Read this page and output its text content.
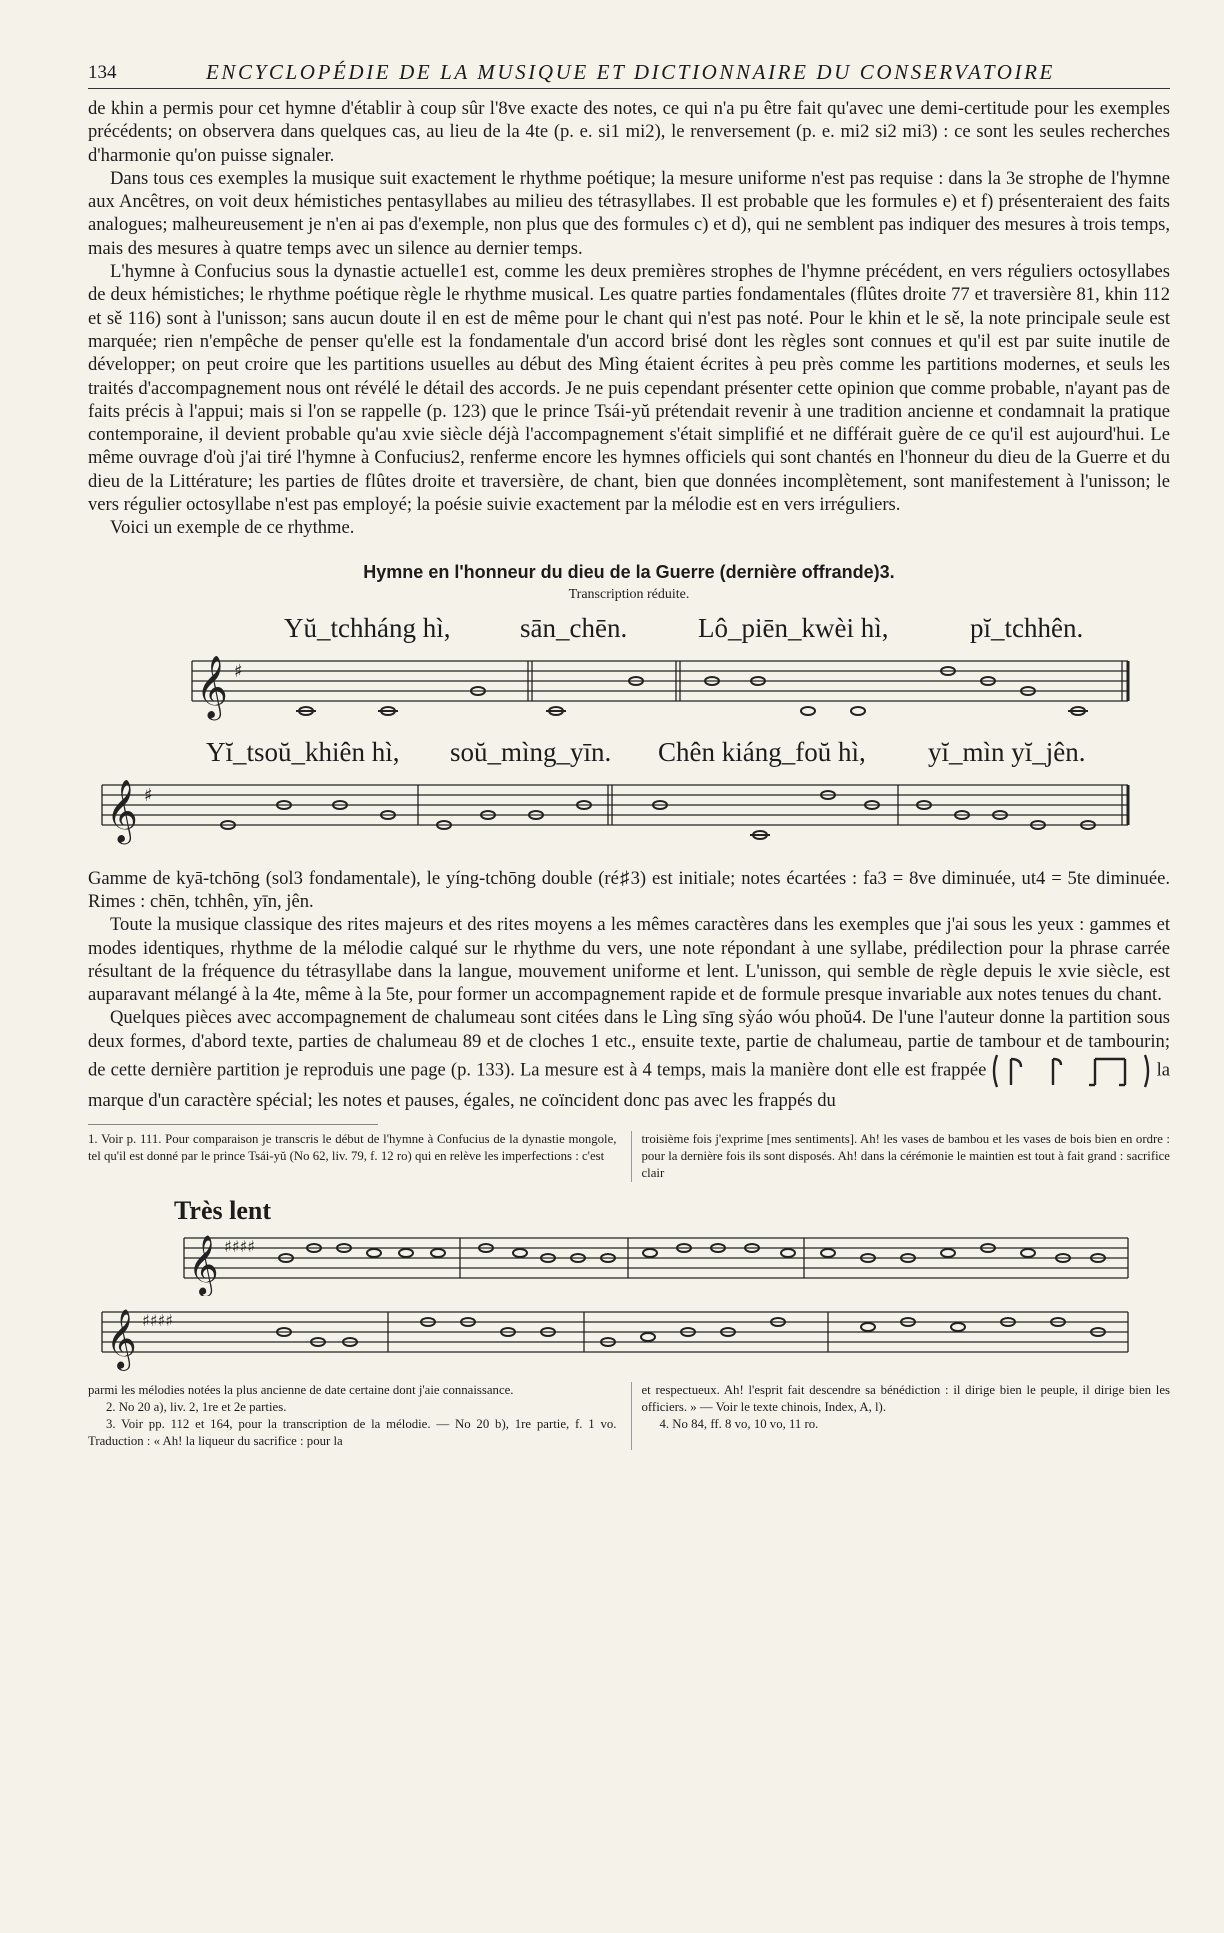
134	ENCYCLOPÉDIE DE LA MUSIQUE ET DICTIONNAIRE DU CONSERVATOIRE

de khin a permis pour cet hymne d'établir à coup sûr l'8ve exacte des notes, ce qui n'a pu être fait qu'avec une demi-certitude pour les exemples précédents; on observera dans quelques cas, au lieu de la 4te (p. e. si1 mi2), le renversement (p. e. mi2 si2 mi3) : ce sont les seules recherches d'harmonie qu'on puisse signaler.

Dans tous ces exemples la musique suit exactement le rhythme poétique; la mesure uniforme n'est pas requise : dans la 3e strophe de l'hymne aux Ancêtres, on voit deux hémistiches pentasyllabes au milieu des tétrasyllabes. Il est probable que les formules e) et f) présenteraient des faits analogues; malheureusement je n'en ai pas d'exemple, non plus que des formules c) et d), qui ne semblent pas indiquer des mesures à trois temps, mais des mesures à quatre temps avec un silence au dernier temps.

L'hymne à Confucius sous la dynastie actuelle1 est, comme les deux premières strophes de l'hymne précédent, en vers réguliers octosyllabes de deux hémistiches; le rhythme poétique règle le rhythme musical. Les quatre parties fondamentales (flûtes droite 77 et traversière 81, khin 112 et sě 116) sont à l'unisson; sans aucun doute il en est de même pour le chant qui n'est pas noté. Pour le khin et le sě, la note principale seule est marquée; rien n'empêche de penser qu'elle est la fondamentale d'un accord brisé dont les règles sont connues et qu'il est par suite inutile de développer; on peut croire que les partitions usuelles au début des Mìng étaient écrites à peu près comme les partitions modernes, et seuls les traités d'accompagnement nous ont révélé le détail des accords. Je ne puis cependant présenter cette opinion que comme probable, n'ayant pas de faits précis à l'appui; mais si l'on se rappelle (p. 123) que le prince Tsái-yŭ prétendait revenir à une tradition ancienne et condamnait la pratique contemporaine, il devient probable qu'au xvie siècle déjà l'accompagnement s'était simplifié et ne différait guère de ce qu'il est aujourd'hui. Le même ouvrage d'où j'ai tiré l'hymne à Confucius2, renferme encore les hymnes officiels qui sont chantés en l'honneur du dieu de la Guerre et du dieu de la Littérature; les parties de flûtes droite et traversière, de chant, bien que données incomplètement, sont manifestement à l'unisson; le vers régulier octosyllabe n'est pas employé; la poésie suivie exactement par la mélodie est en vers irréguliers.

Voici un exemple de ce rhythme.

Hymne en l'honneur du dieu de la Guerre (dernière offrande)3.
Transcription réduite.
Yŭ_tchháng hì,	sān_chēn.	Lô_piēn_kwèi hì,	pĭ_tchhên.
𝄞 ♯
Yĭ_tsoŭ_khiên hì, soŭ_mìng_yīn. Chên kiáng_foŭ hì, yĭ_mìn yĭ_jên.
𝄞 ♯

Gamme de kyā-tchōng (sol3 fondamentale), le yíng-tchōng double (ré♯3) est initiale; notes écartées : fa3 = 8ve diminuée, ut4 = 5te diminuée. Rimes : chēn, tchhên, yīn, jên.

Toute la musique classique des rites majeurs et des rites moyens a les mêmes caractères dans les exemples que j'ai sous les yeux : gammes et modes identiques, rhythme de la mélodie calqué sur le rhythme du vers, une note répondant à une syllabe, prédilection pour la phrase carrée résultant de la fréquence du tétrasyllabe dans la langue, mouvement uniforme et lent. L'unisson, qui semble de règle depuis le xvie siècle, est auparavant mélangé à la 4te, même à la 5te, pour former un accompagnement rapide et de formule presque invariable aux notes tenues du chant.

Quelques pièces avec accompagnement de chalumeau sont citées dans le Lìng sīng sỳáo wóu phoŭ4. De l'une l'auteur donne la partition sous deux formes, d'abord texte, parties de chalumeau 89 et de cloches 1 etc., ensuite texte, partie de chalumeau, partie de tambour et de tambourin; de cette dernière partition je reproduis une page (p. 133). La mesure est à 4 temps, mais la manière dont elle est frappée	la marque d'un caractère spécial; les notes et pauses, égales, ne coïncident donc pas avec les frappés du

1. Voir p. 111. Pour comparaison je transcris le début de l'hymne à Confucius de la dynastie mongole, tel qu'il est donné par le prince Tsái-yŭ (No 62, liv. 79, f. 12 ro) qui en relève les imperfections : c'est
troisième fois j'exprime [mes sentiments]. Ah! les vases de bambou et les vases de bois bien en ordre : pour la dernière fois ils sont disposés. Ah! dans la cérémonie le maintien est tout à fait grand : sacrifice clair
Très lent
𝄞 ♯♯♯♯
𝄞 ♯♯♯♯

parmi les mélodies notées la plus ancienne de date certaine dont j'aie connaissance.

2. No 20 a), liv. 2, 1re et 2e parties.

3. Voir pp. 112 et 164, pour la transcription de la mélodie. — No 20 b), 1re partie, f. 1 vo. Traduction : « Ah! la liqueur du sacrifice : pour la

et respectueux. Ah! l'esprit fait descendre sa bénédiction : il dirige bien le peuple, il dirige bien les officiers. » — Voir le texte chinois, Index, A, l).

4. No 84, ff. 8 vo, 10 vo, 11 ro.
